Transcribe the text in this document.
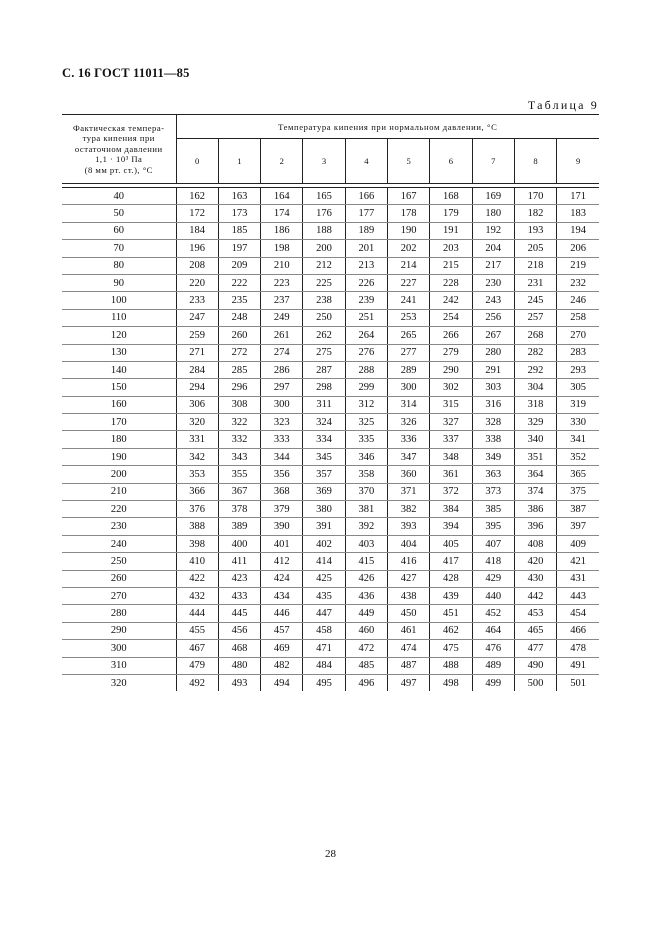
С. 16 ГОСТ 11011—85
Таблица 9
Фактическая темпера-
тура кипения при
остаточном давлении
1,1 · 10³ Па
(8 мм рт. ст.), °С	Температура кипения при нормальном давлении, °С									
	0	1	2	3	4	5	6	7	8	9

40	162	163	164	165	166	167	168	169	170	171
50	172	173	174	176	177	178	179	180	182	183
60	184	185	186	188	189	190	191	192	193	194
70	196	197	198	200	201	202	203	204	205	206
80	208	209	210	212	213	214	215	217	218	219
90	220	222	223	225	226	227	228	230	231	232
100	233	235	237	238	239	241	242	243	245	246
110	247	248	249	250	251	253	254	256	257	258
120	259	260	261	262	264	265	266	267	268	270
130	271	272	274	275	276	277	279	280	282	283
140	284	285	286	287	288	289	290	291	292	293
150	294	296	297	298	299	300	302	303	304	305
160	306	308	300	311	312	314	315	316	318	319
170	320	322	323	324	325	326	327	328	329	330
180	331	332	333	334	335	336	337	338	340	341
190	342	343	344	345	346	347	348	349	351	352
200	353	355	356	357	358	360	361	363	364	365
210	366	367	368	369	370	371	372	373	374	375
220	376	378	379	380	381	382	384	385	386	387
230	388	389	390	391	392	393	394	395	396	397
240	398	400	401	402	403	404	405	407	408	409
250	410	411	412	414	415	416	417	418	420	421
260	422	423	424	425	426	427	428	429	430	431
270	432	433	434	435	436	438	439	440	442	443
280	444	445	446	447	449	450	451	452	453	454
290	455	456	457	458	460	461	462	464	465	466
300	467	468	469	471	472	474	475	476	477	478
310	479	480	482	484	485	487	488	489	490	491
320	492	493	494	495	496	497	498	499	500	501
28
